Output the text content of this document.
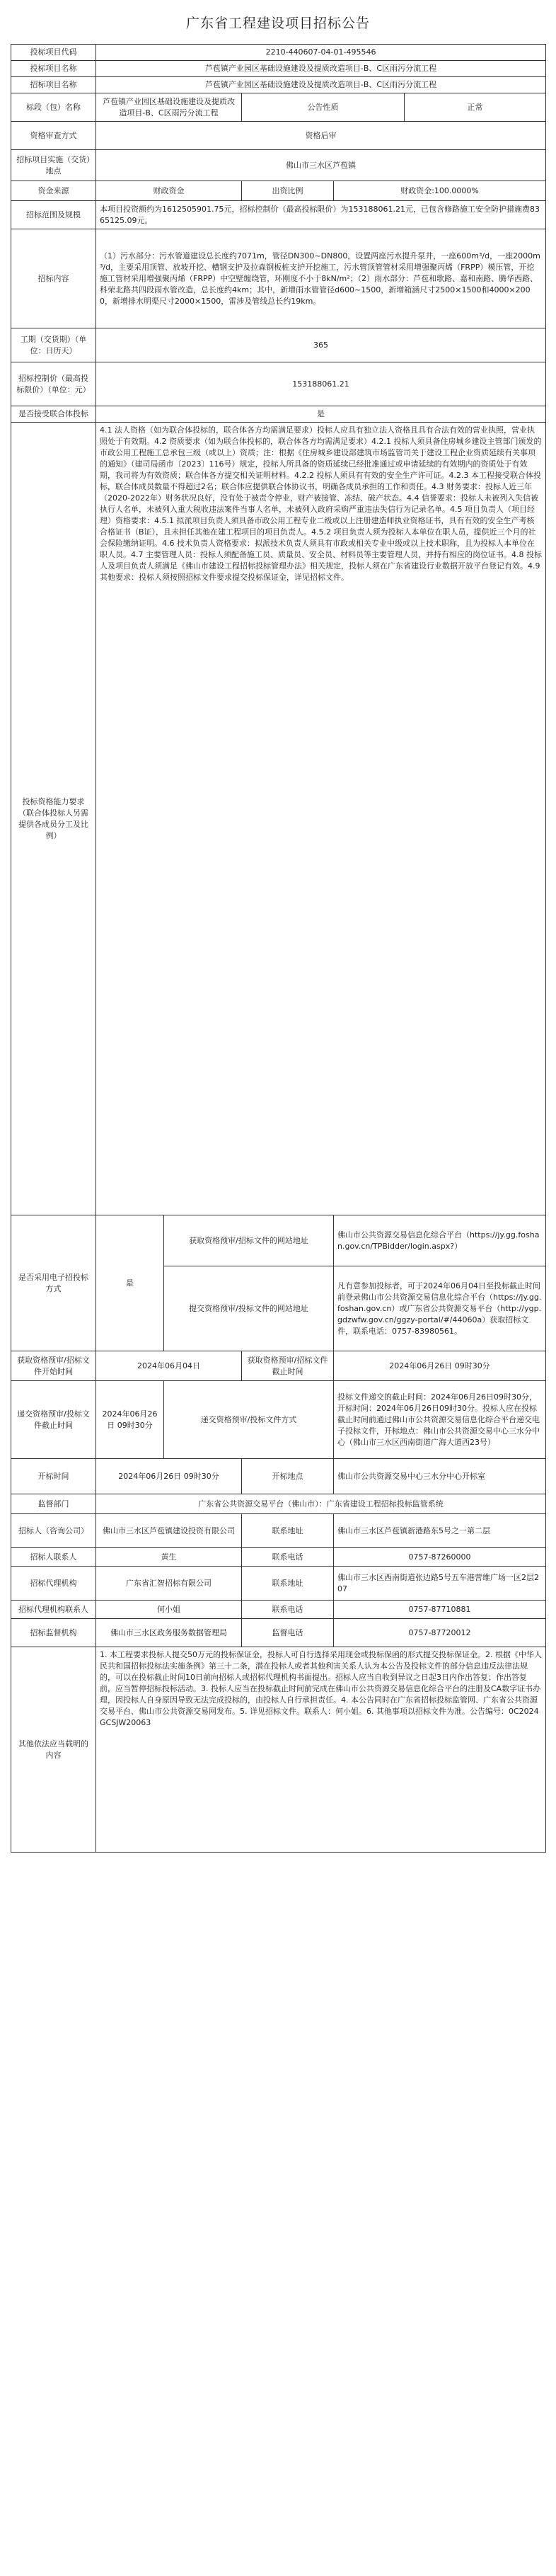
广东省工程建设项目招标公告
投标项目代码	2210-440607-04-01-495546				
投标项目名称	芦苞镇产业园区基础设施建设及提质改造项目-B、C区雨污分流工程				
招标项目名称	芦苞镇产业园区基础设施建设及提质改造项目-B、C区雨污分流工程				
标段（包）名称	芦苞镇产业园区基础设施建设及提质改造项目-B、C区雨污分流工程		公告性质		正常
资格审查方式	资格后审				
招标项目实施（交货）地点	佛山市三水区芦苞镇				
资金来源	财政资金		出资比例	财政资金:100.0000%	
招标范围及规模	本项目投资额约为1612505901.75元，招标控制价（最高投标限价）为153188061.21元，已包含修路施工安全防护措施费8365125.09元。				
招标内容	（1）污水部分：污水管道建设总长度约7071m，管径DN300~DN800，设置两座污水提升泵井，一座600m³/d，一座2000m³/d，主要采用顶管、放坡开挖、槽钢支护及拉森钢板桩支护开挖施工，污水管顶管管材采用增强聚丙烯（FRPP）模压管，开挖施工管材采用增强聚丙烯（FRPP）中空壁缠绕管，环刚度不小于8kN/m²；（2）雨水部分：芦苞和歌路、嘉和南路、腾华西路、科荣北路共四段雨水管改造，总长度约4km；其中，新增雨水管管径d600~1500，新增箱涵尺寸2500×1500和4000×2000，新增排水明渠尺寸2000×1500，雷涉及管线总长约19km。				
工期（交货期）（单位：日历天）	365				
招标控制价（最高投标限价）（单位：元）	153188061.21				
是否接受联合体投标	是				
投标资格能力要求（联合体投标人另需提供各成员分工及比例）	4.1 法人资格（如为联合体投标的，联合体各方均需满足要求）投标人应具有独立法人资格且具有合法有效的营业执照，营业执照处于有效期。4.2 资质要求（如为联合体投标的，联合体各方均需满足要求）4.2.1 投标人须具备住房城乡建设主管部门颁发的市政公用工程施工总承包三级（或以上）资质；注：根据《住房城乡建设部建筑市场监管司关于建设工程企业资质延续有关事项的通知》（建司局函市〔2023〕116号）规定，投标人所具备的资质延续已经批准通过或申请延续的有效期内的资质处于有效期，我司将为有效资质；联合体各方提交相关证明材料。4.2.2 投标人须具有有效的安全生产许可证。4.2.3 本工程接受联合体投标，联合体成员数量不得超过2名；联合体应提供联合体协议书，明确各成员承担的工作和责任。4.3 财务要求：投标人近三年（2020-2022年）财务状况良好，没有处于被责令停业，财产被接管、冻结、破产状态。4.4 信誉要求：投标人未被列入失信被执行人名单，未被列入重大税收违法案件当事人名单，未被列入政府采购严重违法失信行为记录名单。4.5 项目负责人（项目经理）资格要求：4.5.1 拟派项目负责人须具备市政公用工程专业二级或以上注册建造师执业资格证书，具有有效的安全生产考核合格证书（B证），且未担任其他在建工程项目的项目负责人。4.5.2 项目负责人须为投标人本单位在职人员，提供近三个月的社会保险缴纳证明。4.6 技术负责人资格要求：拟派技术负责人须具有市政或相关专业中级或以上技术职称，且为投标人本单位在职人员。4.7 主要管理人员：投标人须配备施工员、质量员、安全员、材料员等主要管理人员，并持有相应的岗位证书。4.8 投标人及项目负责人须满足《佛山市建设工程招标投标管理办法》相关规定，投标人须在广东省建设行业数据开放平台登记有效。4.9 其他要求：投标人须按照招标文件要求提交投标保证金，详见招标文件。				
是否采用电子招投标方式	是	获取资格预审/招标文件的网站地址		佛山市公共资源交易信息化综合平台（https://jy.gg.foshan.gov.cn/TPBidder/login.aspx?）	
		提交资格预审/投标文件的网站地址		凡有意参加投标者，可于2024年06月04日至投标截止时间前登录佛山市公共资源交易信息化综合平台（https://jy.gg.foshan.gov.cn）或广东省公共资源交易平台（http://ygp.gdzwfw.gov.cn/ggzy-portal/#/44060a）获取招标文件，联系电话：0757-83980561。	
获取资格预审/招标文件开始时间	2024年06月04日		获取资格预审/招标文件截止时间	2024年06月26日 09时30分	
递交资格预审/投标文件截止时间	2024年06月26日 09时30分	递交资格预审/投标文件方式		投标文件递交的截止时间：2024年06月26日09时30分，开标时间：2024年06月26日09时30分。投标人应在投标截止时间前通过佛山市公共资源交易信息化综合平台递交电子投标文件，开标地点：佛山市公共资源交易中心三水分中心（佛山市三水区西南街道广海大道西23号）	
开标时间	2024年06月26日 09时30分		开标地点	佛山市公共资源交易中心三水分中心开标室	
监督部门	广东省公共资源交易平台（佛山市）：广东省建设工程招标投标监管系统				
招标人（咨询公司）	佛山市三水区芦苞镇建设投资有限公司		联系地址	佛山市三水区芦苞镇新港路东5号之一第二层	
招标人联系人	黄生		联系电话	0757-87260000	
招标代理机构	广东省汇智招标有限公司		联系地址	佛山市三水区西南街道张边路5号五车港营维广场一区2层207	
招标代理机构联系人	何小姐		联系电话	0757-87710881	
招标监督机构	佛山市三水区政务服务数据管理局		监督电话	0757-87720012	
其他依法应当载明的内容	1. 本工程要求投标人提交50万元的投标保证金，投标人可自行选择采用现金或投标保函的形式提交投标保证金。2. 根据《中华人民共和国招标投标法实施条例》第三十二条，潜在投标人或者其他利害关系人认为本公告及投标文件的部分信息违反法律法规的，可以在投标截止时间10日前向招标人或招标代理机构书面提出。招标人应当自收到异议之日起3日内作出答复；作出答复前，应当暂停招标投标活动。3. 投标人应当在投标截止时间前完成在佛山市公共资源交易信息化综合平台的注册及CA数字证书办理，因投标人自身原因导致无法完成投标的，由投标人自行承担责任。4. 本公告同时在广东省招标投标监管网、广东省公共资源交易平台、佛山市公共资源交易网发布。5. 详见招标文件。联系人：何小姐。6. 其他事项以招标文件为准。公告编号：0C2024GCSJW20063				
